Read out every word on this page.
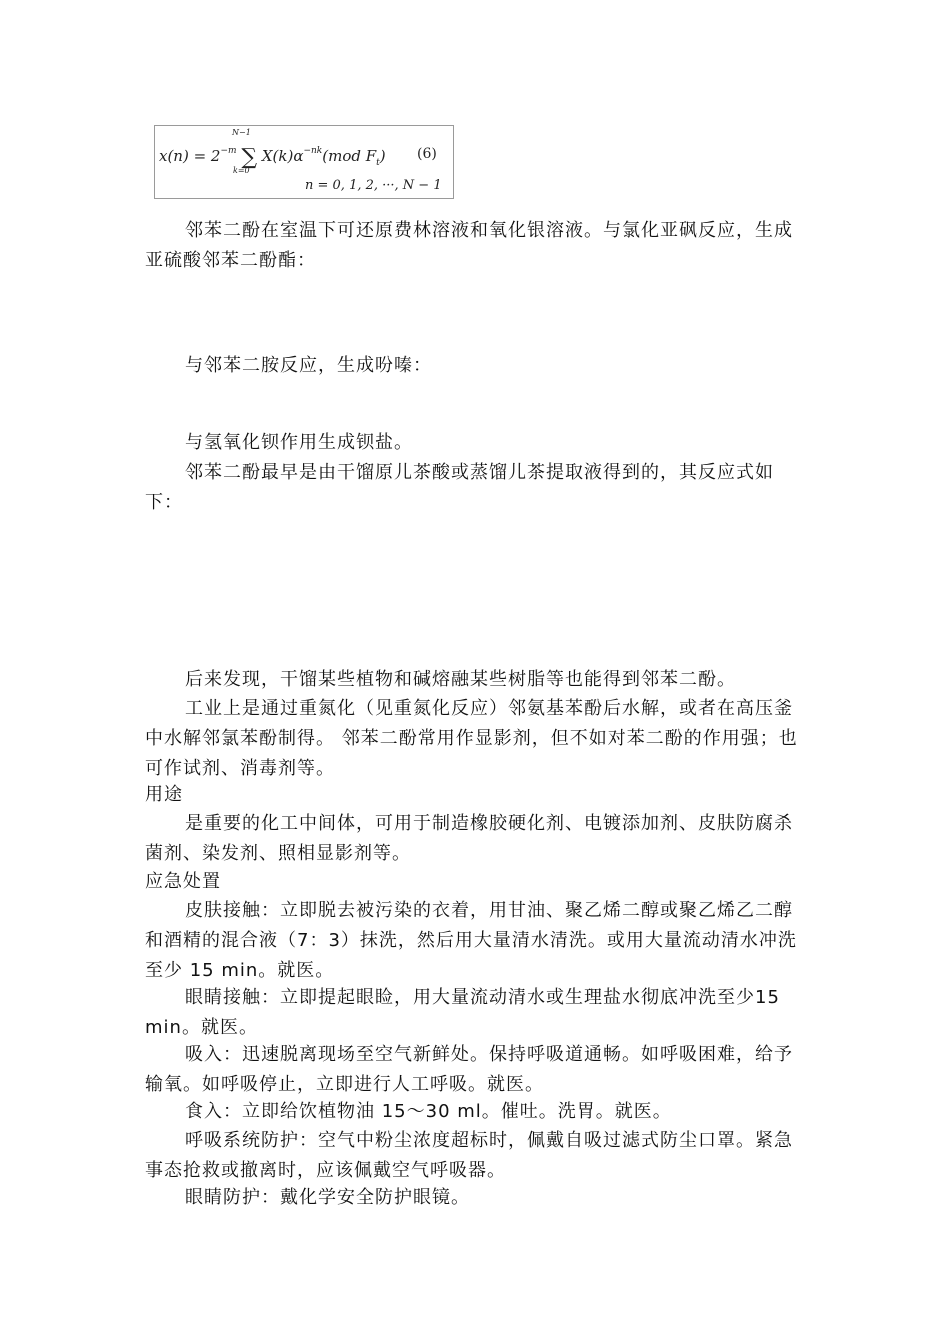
$x(n) = 2^{-m}$ ∑ $X(k)\alpha^{-nk}(mod$ $F_t$)
N−1
k=0
(6)
n = 0, 1, 2, ···, N − 1

邻苯二酚在室温下可还原费林溶液和氧化银溶液。与氯化亚砜反应，生成亚硫酸邻苯二酚酯：

与邻苯二胺反应，生成吩嗪：

与氢氧化钡作用生成钡盐。

邻苯二酚最早是由干馏原儿茶酸或蒸馏儿茶提取液得到的，其反应式如下：

后来发现，干馏某些植物和碱熔融某些树脂等也能得到邻苯二酚。

工业上是通过重氮化（见重氮化反应）邻氨基苯酚后水解，或者在高压釜中水解邻氯苯酚制得。 邻苯二酚常用作显影剂，但不如对苯二酚的作用强；也可作试剂、消毒剂等。

用途

是重要的化工中间体，可用于制造橡胶硬化剂、电镀添加剂、皮肤防腐杀菌剂、染发剂、照相显影剂等。

应急处置

皮肤接触：立即脱去被污染的衣着，用甘油、聚乙烯二醇或聚乙烯乙二醇和酒精的混合液（7：3）抹洗，然后用大量清水清洗。或用大量流动清水冲洗至少 15 min。就医。

眼睛接触：立即提起眼睑，用大量流动清水或生理盐水彻底冲洗至少15 min。就医。

吸入：迅速脱离现场至空气新鲜处。保持呼吸道通畅。如呼吸困难，给予输氧。如呼吸停止，立即进行人工呼吸。就医。

食入：立即给饮植物油 15～30 ml。催吐。洗胃。就医。

呼吸系统防护：空气中粉尘浓度超标时，佩戴自吸过滤式防尘口罩。紧急事态抢救或撤离时，应该佩戴空气呼吸器。

眼睛防护：戴化学安全防护眼镜。
